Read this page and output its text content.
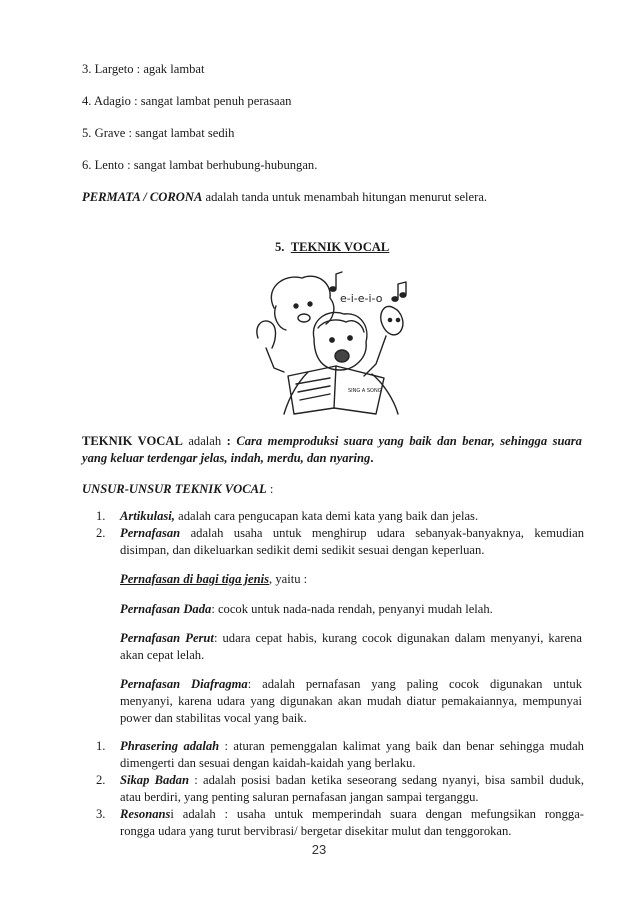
3. Largeto : agak lambat
4. Adagio : sangat lambat penuh perasaan
5. Grave : sangat lambat sedih
6. Lento : sangat lambat berhubung-hubungan.
PERMATA / CORONA adalah tanda untuk menambah hitungan menurut selera.
5. TEKNIK VOCAL
e-i-e-i-o
SING A SONG
TEKNIK VOCAL adalah : Cara memproduksi suara yang baik dan benar, sehingga suara
yang keluar terdengar jelas, indah, merdu, dan nyaring.
UNSUR-UNSUR TEKNIK VOCAL :
1. Artikulasi, adalah cara pengucapan kata demi kata yang baik dan jelas.
2. Pernafasan adalah usaha untuk menghirup udara sebanyak-banyaknya, kemudian
disimpan, dan dikeluarkan sedikit demi sedikit sesuai dengan keperluan.
Pernafasan di bagi tiga jenis, yaitu :
Pernafasan Dada: cocok untuk nada-nada rendah, penyanyi mudah lelah.
Pernafasan Perut: udara cepat habis, kurang cocok digunakan dalam menyanyi, karena
akan cepat lelah.
Pernafasan Diafragma: adalah pernafasan yang paling cocok digunakan untuk
menyanyi, karena udara yang digunakan akan mudah diatur pemakaiannya, mempunyai
power dan stabilitas vocal yang baik.
1. Phrasering adalah : aturan pemenggalan kalimat yang baik dan benar sehingga mudah
dimengerti dan sesuai dengan kaidah-kaidah yang berlaku.
2. Sikap Badan : adalah posisi badan ketika seseorang sedang nyanyi, bisa sambil duduk,
atau berdiri, yang penting saluran pernafasan jangan sampai terganggu.
3. Resonansi adalah : usaha untuk memperindah suara dengan mefungsikan rongga-
rongga udara yang turut bervibrasi/ bergetar disekitar mulut dan tenggorokan.
23
